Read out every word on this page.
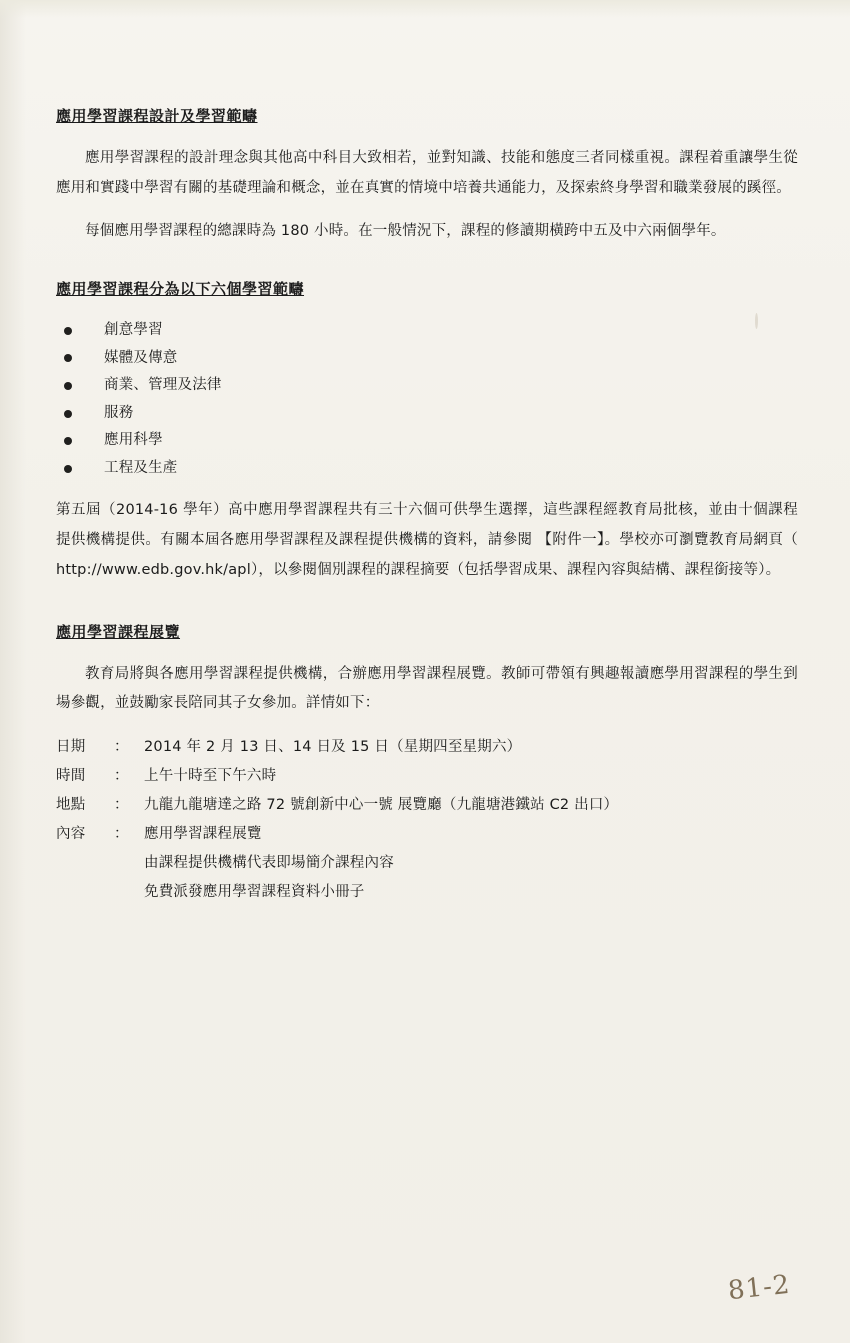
應用學習課程設計及學習範疇

應用學習課程的設計理念與其他高中科目大致相若，並對知識、技能和態度三者同樣重視。課程着重讓學生從應用和實踐中學習有關的基礎理論和概念，並在真實的情境中培養共通能力，及探索終身學習和職業發展的蹊徑。

每個應用學習課程的總課時為 180 小時。在一般情況下，課程的修讀期橫跨中五及中六兩個學年。

應用學習課程分為以下六個學習範疇
創意學習
媒體及傳意
商業、管理及法律
服務
應用科學
工程及生產

第五屆（2014-16 學年）高中應用學習課程共有三十六個可供學生選擇，這些課程經教育局批核，並由十個課程提供機構提供。有關本屆各應用學習課程及課程提供機構的資料，請參閱 【附件一】。學校亦可瀏覽教育局網頁（ http://www.edb.gov.hk/apl），以參閱個別課程的課程摘要（包括學習成果、課程內容與結構、課程銜接等）。

應用學習課程展覽

教育局將與各應用學習課程提供機構，合辦應用學習課程展覽。教師可帶領有興趣報讀應學用習課程的學生到場參觀，並鼓勵家長陪同其子女參加。詳情如下：

日期	：	2014 年 2 月 13 日、14 日及 15 日（星期四至星期六）
時間	：	上午十時至下午六時
地點	：	九龍九龍塘達之路 72 號創新中心一號 展覽廳（九龍塘港鐵站 C2 出口）
內容	：	應用學習課程展覽
由課程提供機構代表即場簡介課程內容
免費派發應用學習課程資料小冊子
81-2
